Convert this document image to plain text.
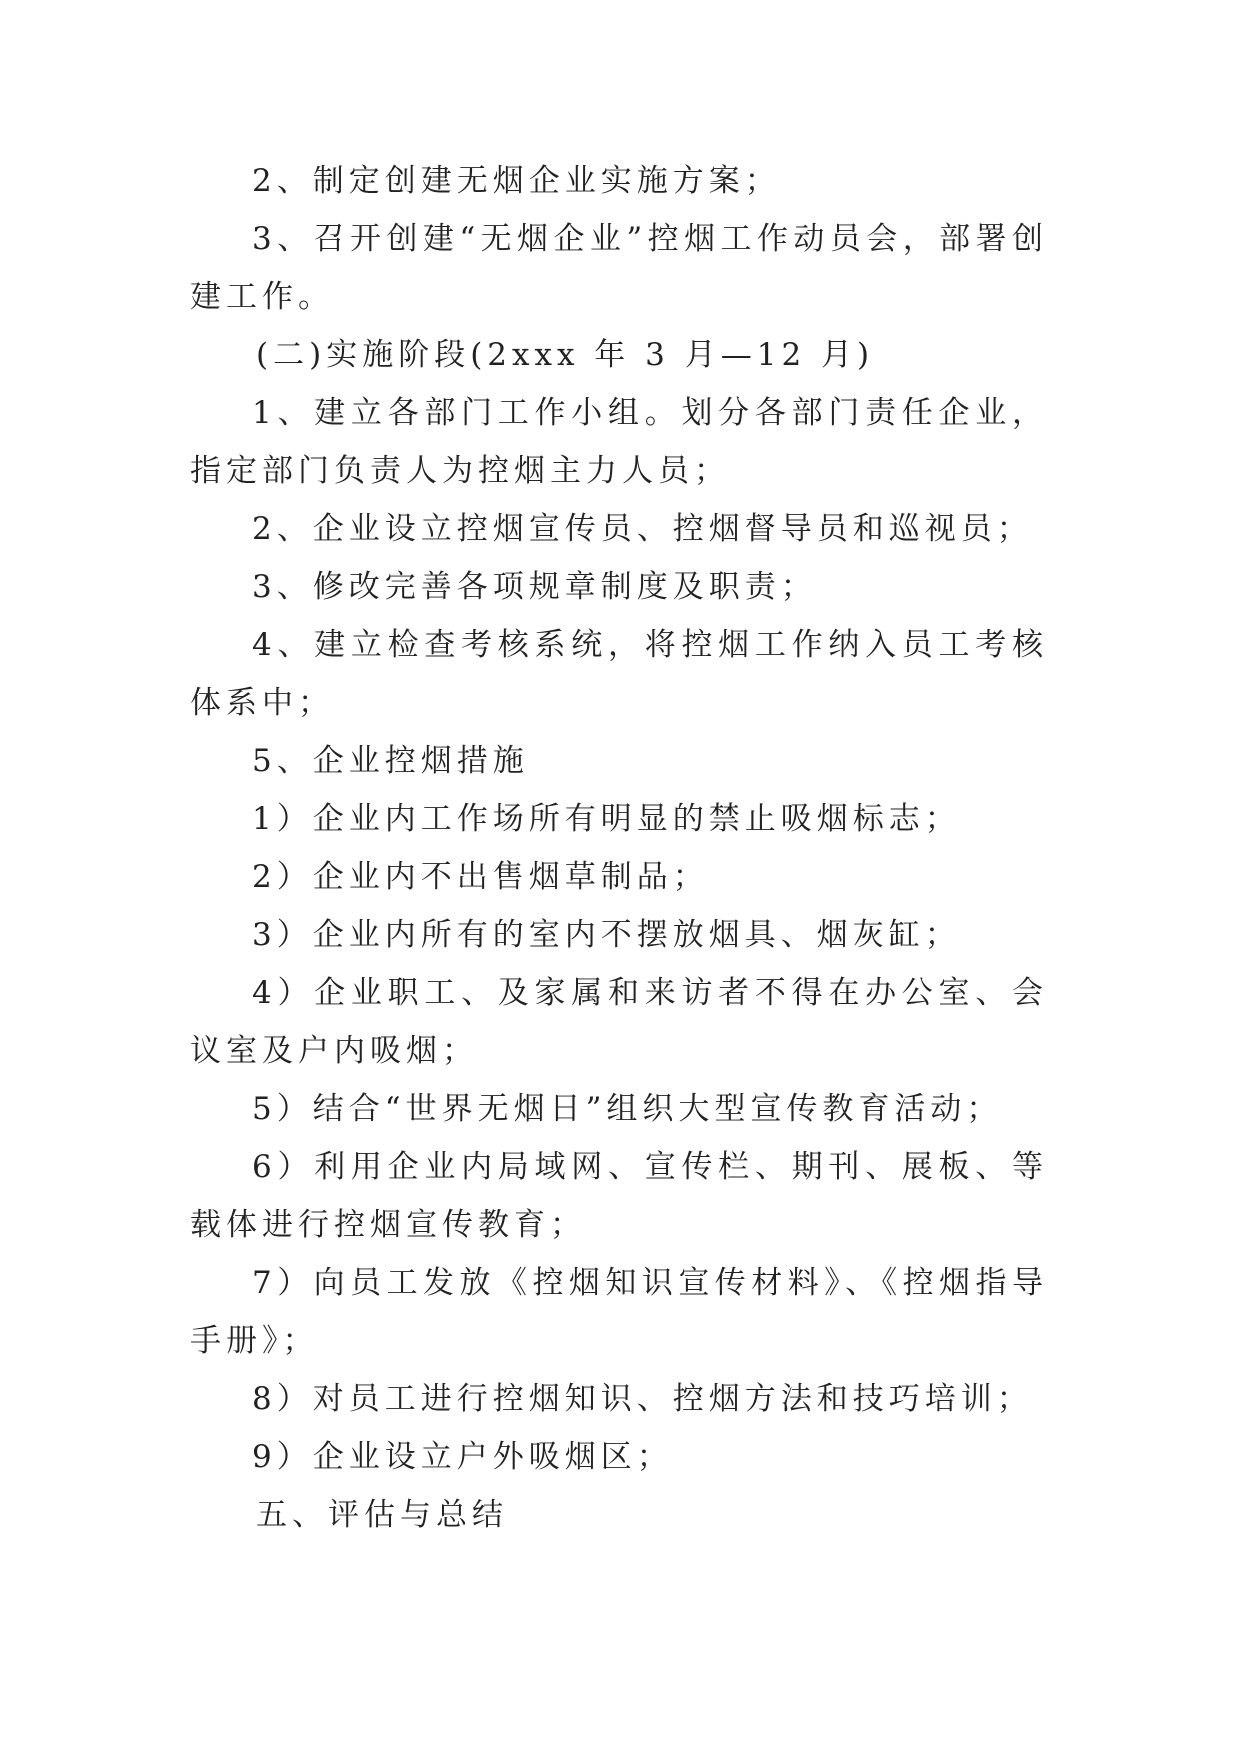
2、制定创建无烟企业实施方案；

3、召开创建“无烟企业”控烟工作动员会，部署创建工作。

(二)实施阶段(2xxx 年 3 月—12 月)

1、建立各部门工作小组。划分各部门责任企业，指定部门负责人为控烟主力人员；

2、企业设立控烟宣传员、控烟督导员和巡视员；

3、修改完善各项规章制度及职责；

4、建立检查考核系统，将控烟工作纳入员工考核体系中；

5、企业控烟措施

1）企业内工作场所有明显的禁止吸烟标志；

2）企业内不出售烟草制品；

3）企业内所有的室内不摆放烟具、烟灰缸；

4）企业职工、及家属和来访者不得在办公室、会议室及户内吸烟；

5）结合“世界无烟日”组织大型宣传教育活动；

6）利用企业内局域网、宣传栏、期刊、展板、等载体进行控烟宣传教育；

7）向员工发放《控烟知识宣传材料》、《控烟指导手册》；

8）对员工进行控烟知识、控烟方法和技巧培训；

9）企业设立户外吸烟区；

五、评估与总结
